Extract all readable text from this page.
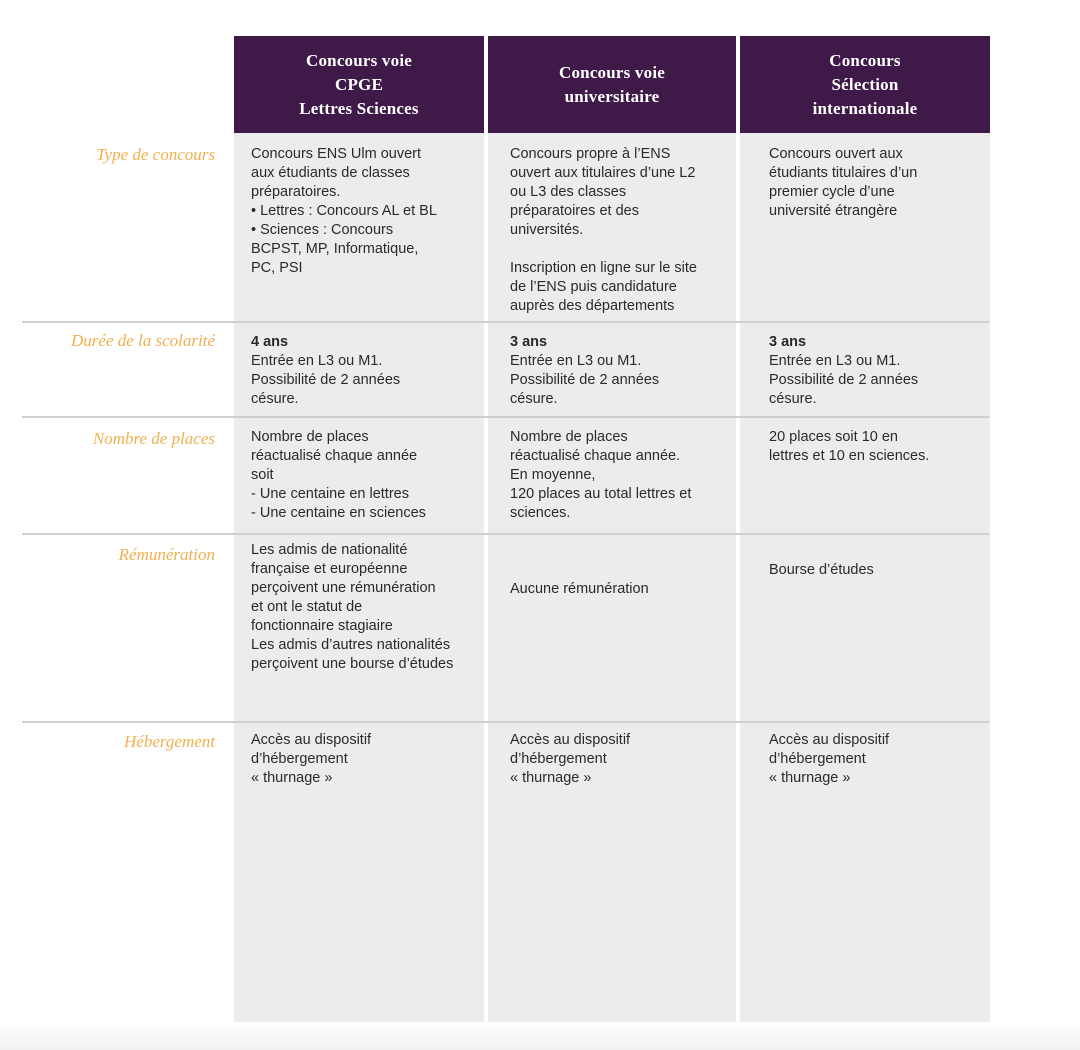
Concours voie
CPGE
Lettres Sciences
Concours voie
universitaire
Concours
Sélection
internationale
Type de concours Concours ENS Ulm ouvert
aux étudiants de classes
préparatoires.
• Lettres : Concours AL et BL
• Sciences : Concours
BCPST, MP, Informatique,
PC, PSI
Concours propre à l’ENS
ouvert aux titulaires d’une L2
ou L3 des classes
préparatoires et des
universités.

Inscription en ligne sur le site
de l’ENS puis candidature
auprès des départements
Concours ouvert aux
étudiants titulaires d’un
premier cycle d’une
université étrangère
Durée de la scolarité 4 ans
Entrée en L3 ou M1.
Possibilité de 2 années
césure.
3 ans
Entrée en L3 ou M1.
Possibilité de 2 années
césure.
3 ans
Entrée en L3 ou M1.
Possibilité de 2 années
césure.
Nombre de places Nombre de places
réactualisé chaque année
soit
- Une centaine en lettres
- Une centaine en sciences
Nombre de places
réactualisé chaque année.
En moyenne,
120 places au total lettres et
sciences.
20 places soit 10 en
lettres et 10 en sciences.
Rémunération Les admis de nationalité
française et européenne
perçoivent une rémunération
et ont le statut de
fonctionnaire stagiaire
Les admis d’autres nationalités
perçoivent une bourse d’études
Aucune rémunération
Bourse d’études
Hébergement Accès au dispositif
d’hébergement
« thurnage »
Accès au dispositif
d’hébergement
« thurnage »
Accès au dispositif
d’hébergement
« thurnage »
